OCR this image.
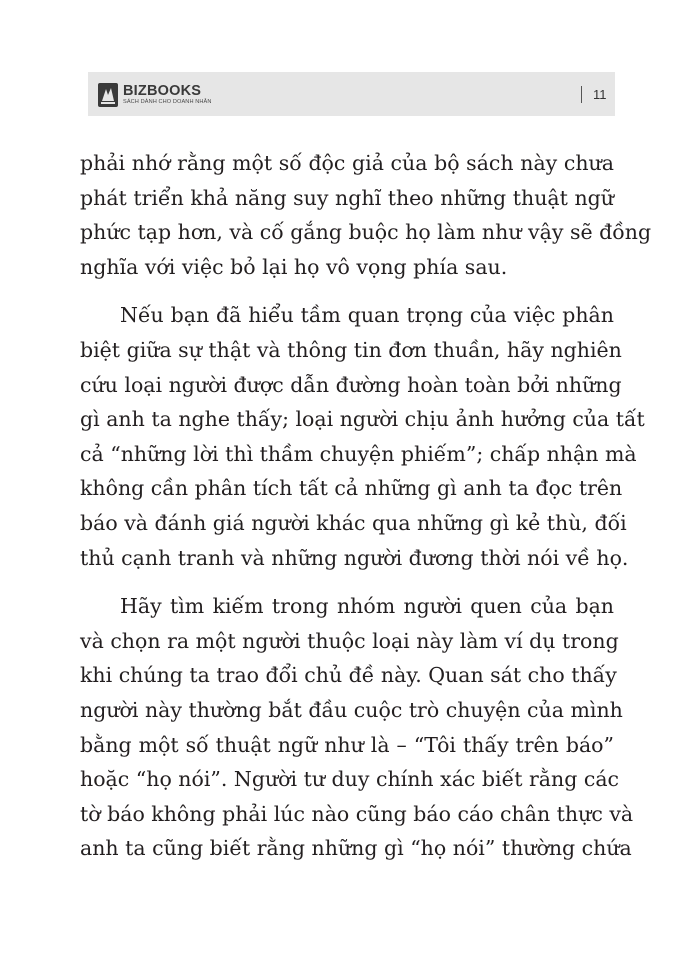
BIZBOOKS
SÁCH DÀNH CHO DOANH NHÂN
11

phải nhớ rằng một số độc giả của bộ sách này chưa
phát triển khả năng suy nghĩ theo những thuật ngữ
phức tạp hơn, và cố gắng buộc họ làm như vậy sẽ đồng
nghĩa với việc bỏ lại họ vô vọng phía sau.

Nếu bạn đã hiểu tầm quan trọng của việc phân
biệt giữa sự thật và thông tin đơn thuần, hãy nghiên
cứu loại người được dẫn đường hoàn toàn bởi những
gì anh ta nghe thấy; loại người chịu ảnh hưởng của tất
cả “những lời thì thầm chuyện phiếm”; chấp nhận mà
không cần phân tích tất cả những gì anh ta đọc trên
báo và đánh giá người khác qua những gì kẻ thù, đối
thủ cạnh tranh và những người đương thời nói về họ.

Hãy tìm kiếm trong nhóm người quen của bạn
và chọn ra một người thuộc loại này làm ví dụ trong
khi chúng ta trao đổi chủ đề này. Quan sát cho thấy
người này thường bắt đầu cuộc trò chuyện của mình
bằng một số thuật ngữ như là – “Tôi thấy trên báo”
hoặc “họ nói”. Người tư duy chính xác biết rằng các
tờ báo không phải lúc nào cũng báo cáo chân thực và
anh ta cũng biết rằng những gì “họ nói” thường chứa
